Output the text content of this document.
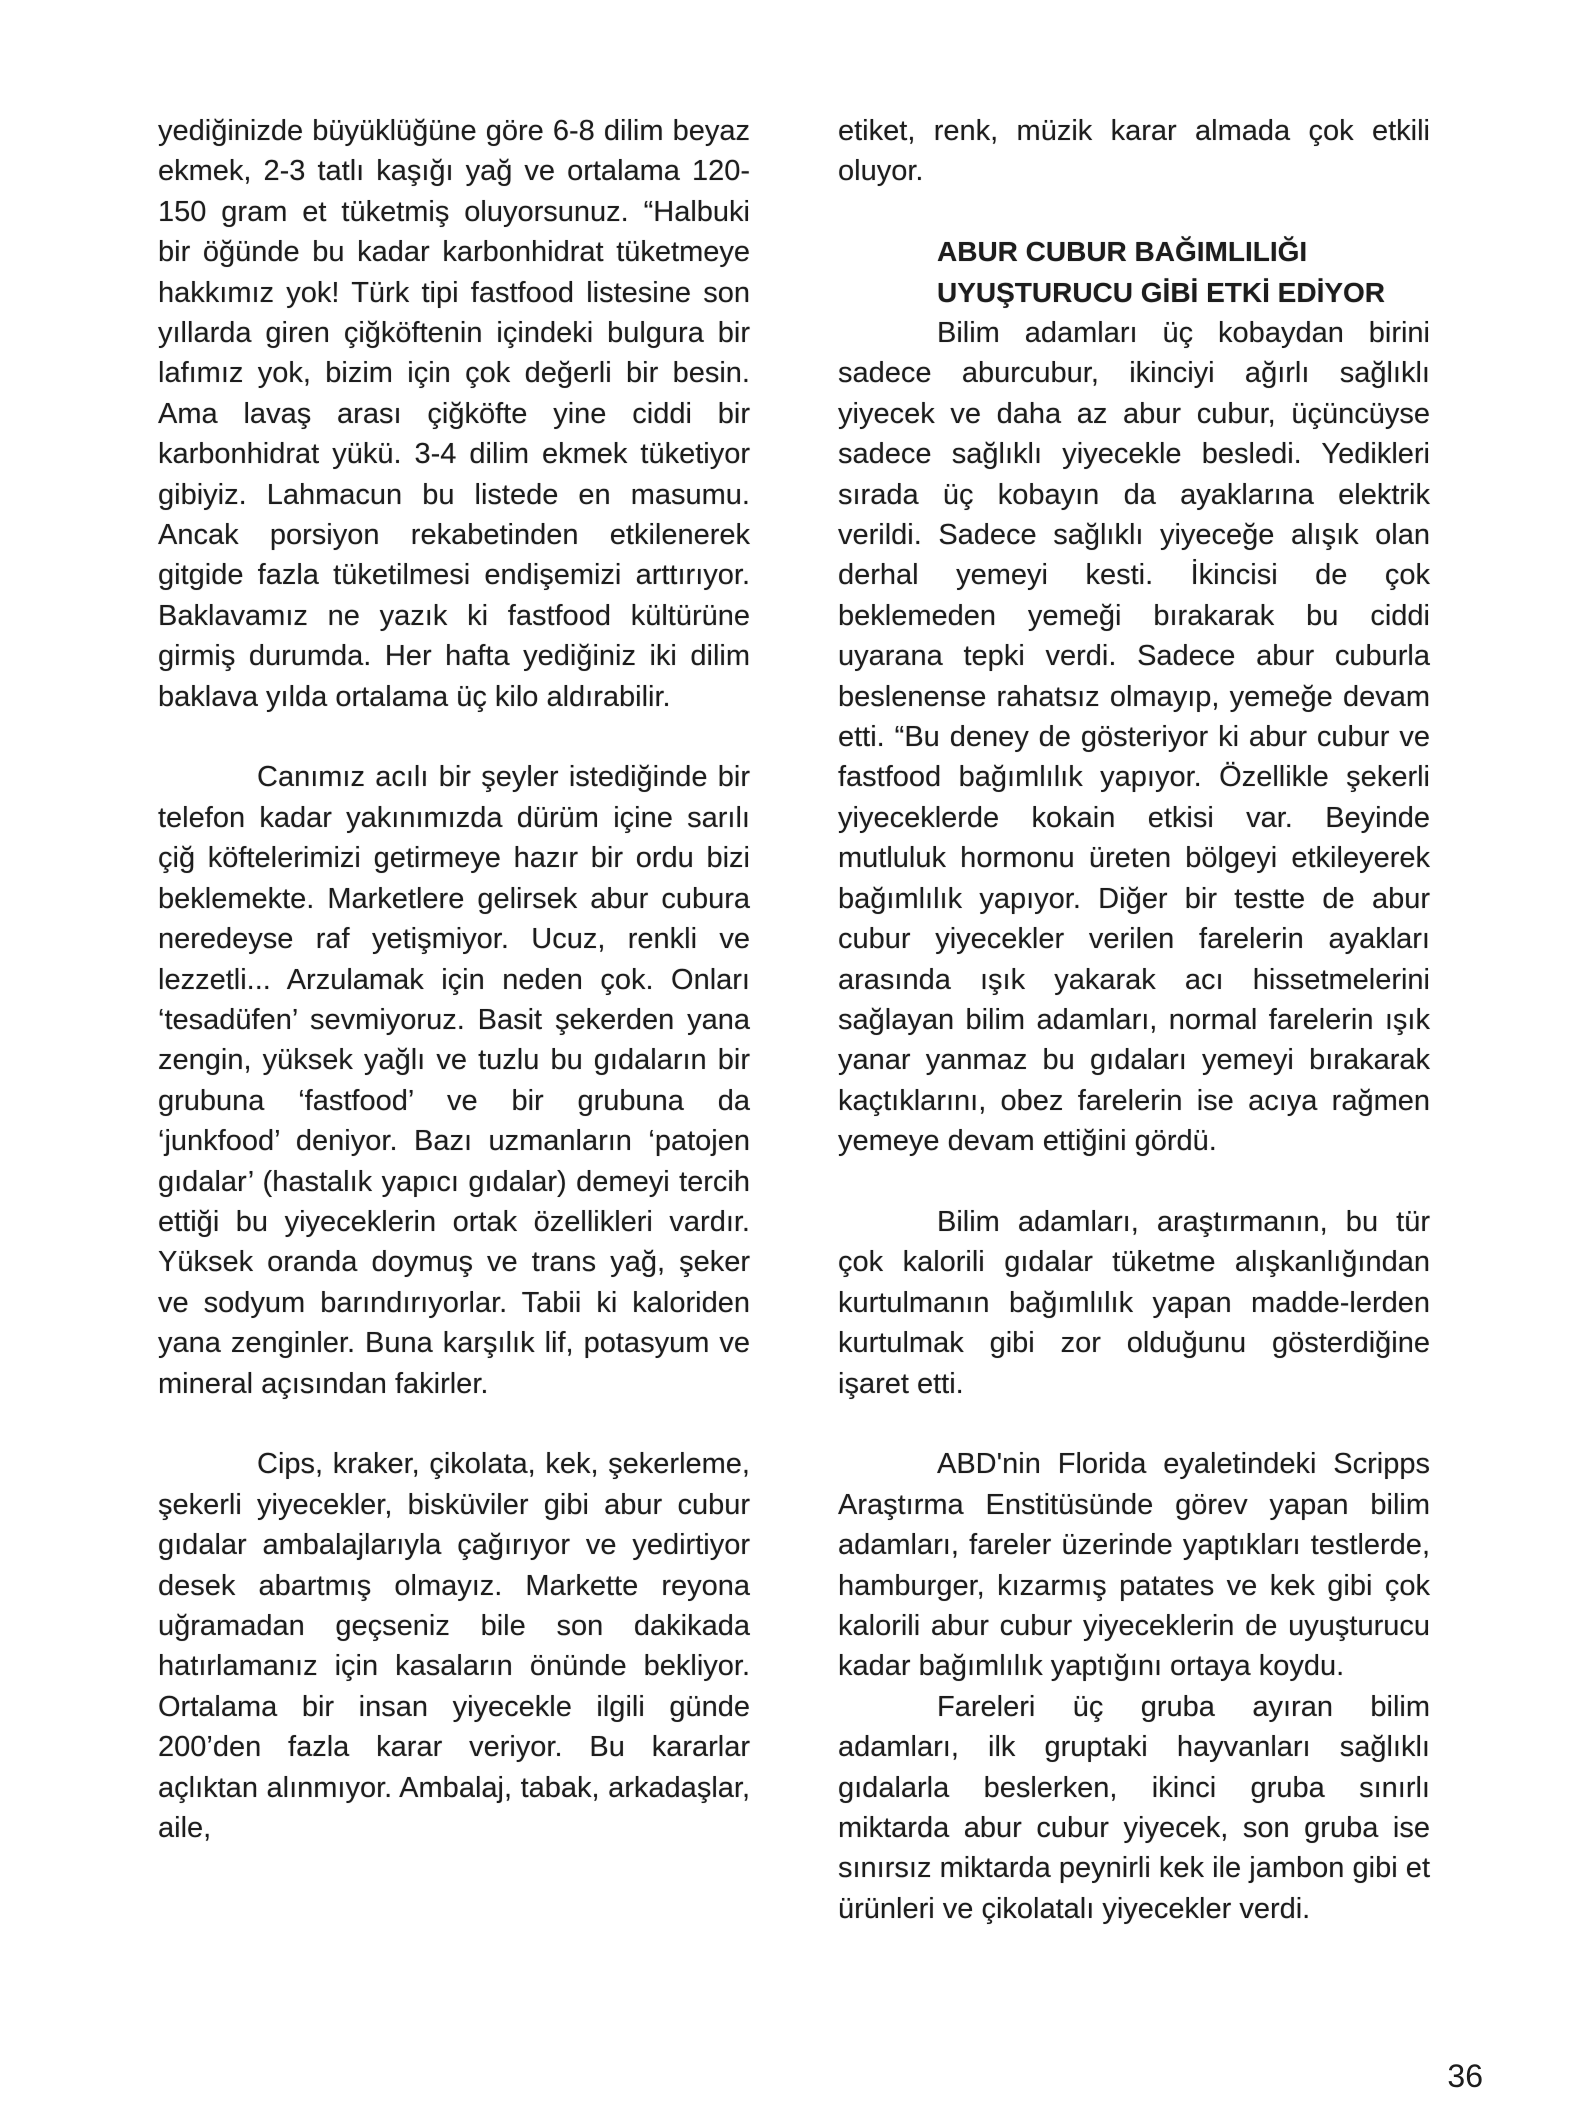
yediğinizde büyüklüğüne göre 6-8 dilim beyaz ekmek, 2-3 tatlı kaşığı yağ ve ortalama 120-150 gram et tüketmiş oluyorsunuz. “Halbuki bir öğünde bu kadar karbonhidrat tüketmeye hakkımız yok! Türk tipi fastfood listesine son yıllarda giren çiğköftenin içindeki bulgura bir lafımız yok, bizim için çok değerli bir besin. Ama lavaş arası çiğköfte yine ciddi bir karbonhidrat yükü. 3-4 dilim ekmek tüketiyor gibiyiz. Lahmacun bu listede en masumu. Ancak porsiyon rekabetinden etkilenerek gitgide fazla tüketilmesi endişemizi arttırıyor. Baklavamız ne yazık ki fastfood kültürüne girmiş durumda. Her hafta yediğiniz iki dilim baklava yılda ortalama üç kilo aldırabilir.

Canımız acılı bir şeyler istediğinde bir telefon kadar yakınımızda dürüm içine sarılı çiğ köftelerimizi getirmeye hazır bir ordu bizi beklemekte. Marketlere gelirsek abur cubura neredeyse raf yetişmiyor. Ucuz, renkli ve lezzetli... Arzulamak için neden çok. Onları ‘tesadüfen’ sevmiyoruz. Basit şekerden yana zengin, yüksek yağlı ve tuzlu bu gıdaların bir grubuna ‘fastfood’ ve bir grubuna da ‘junkfood’ deniyor. Bazı uzmanların ‘patojen gıdalar’ (hastalık yapıcı gıdalar) demeyi tercih ettiği bu yiyeceklerin ortak özellikleri vardır. Yüksek oranda doymuş ve trans yağ, şeker ve sodyum barındırıyorlar. Tabii ki kaloriden yana zenginler. Buna karşılık lif, potasyum ve mineral açısından fakirler.

Cips, kraker, çikolata, kek, şekerleme, şekerli yiyecekler, bisküviler gibi abur cubur gıdalar ambalajlarıyla çağırıyor ve yedirtiyor desek abartmış olmayız. Markette reyona uğramadan geçseniz bile son dakikada hatırlamanız için kasaların önünde bekliyor. Ortalama bir insan yiyecekle ilgili günde 200’den fazla karar veriyor. Bu kararlar açlıktan alınmıyor. Ambalaj, tabak, arkadaşlar, aile,

etiket, renk, müzik karar almada çok etkili oluyor.

ABUR CUBUR BAĞIMLILIĞI
UYUŞTURUCU GİBİ ETKİ EDİYOR

Bilim adamları üç kobaydan birini sadece aburcubur, ikinciyi ağırlı sağlıklı yiyecek ve daha az abur cubur, üçüncüyse sadece sağlıklı yiyecekle besledi. Yedikleri sırada üç kobayın da ayaklarına elektrik verildi. Sadece sağlıklı yiyeceğe alışık olan derhal yemeyi kesti. İkincisi de çok beklemeden yemeği bırakarak bu ciddi uyarana tepki verdi. Sadece abur cuburla beslenense rahatsız olmayıp, yemeğe devam etti. “Bu deney de gösteriyor ki abur cubur ve fastfood bağımlılık yapıyor. Özellikle şekerli yiyeceklerde kokain etkisi var. Beyinde mutluluk hormonu üreten bölgeyi etkileyerek bağımlılık yapıyor. Diğer bir testte de abur cubur yiyecekler verilen farelerin ayakları arasında ışık yakarak acı hissetmelerini sağlayan bilim adamları, normal farelerin ışık yanar yanmaz bu gıdaları yemeyi bırakarak kaçtıklarını, obez farelerin ise acıya rağmen yemeye devam ettiğini gördü.

Bilim adamları, araştırmanın, bu tür çok kalorili gıdalar tüketme alışkanlığından kurtulmanın bağımlılık yapan madde-lerden kurtulmak gibi zor olduğunu gösterdiğine işaret etti.

ABD'nin Florida eyaletindeki Scripps Araştırma Enstitüsünde görev yapan bilim adamları, fareler üzerinde yaptıkları testlerde, hamburger, kızarmış patates ve kek gibi çok kalorili abur cubur yiyeceklerin de uyuşturucu kadar bağımlılık yaptığını ortaya koydu.

Fareleri üç gruba ayıran bilim adamları, ilk gruptaki hayvanları sağlıklı gıdalarla beslerken, ikinci gruba sınırlı miktarda abur cubur yiyecek, son gruba ise sınırsız miktarda peynirli kek ile jambon gibi et ürünleri ve çikolatalı yiyecekler verdi.

36
